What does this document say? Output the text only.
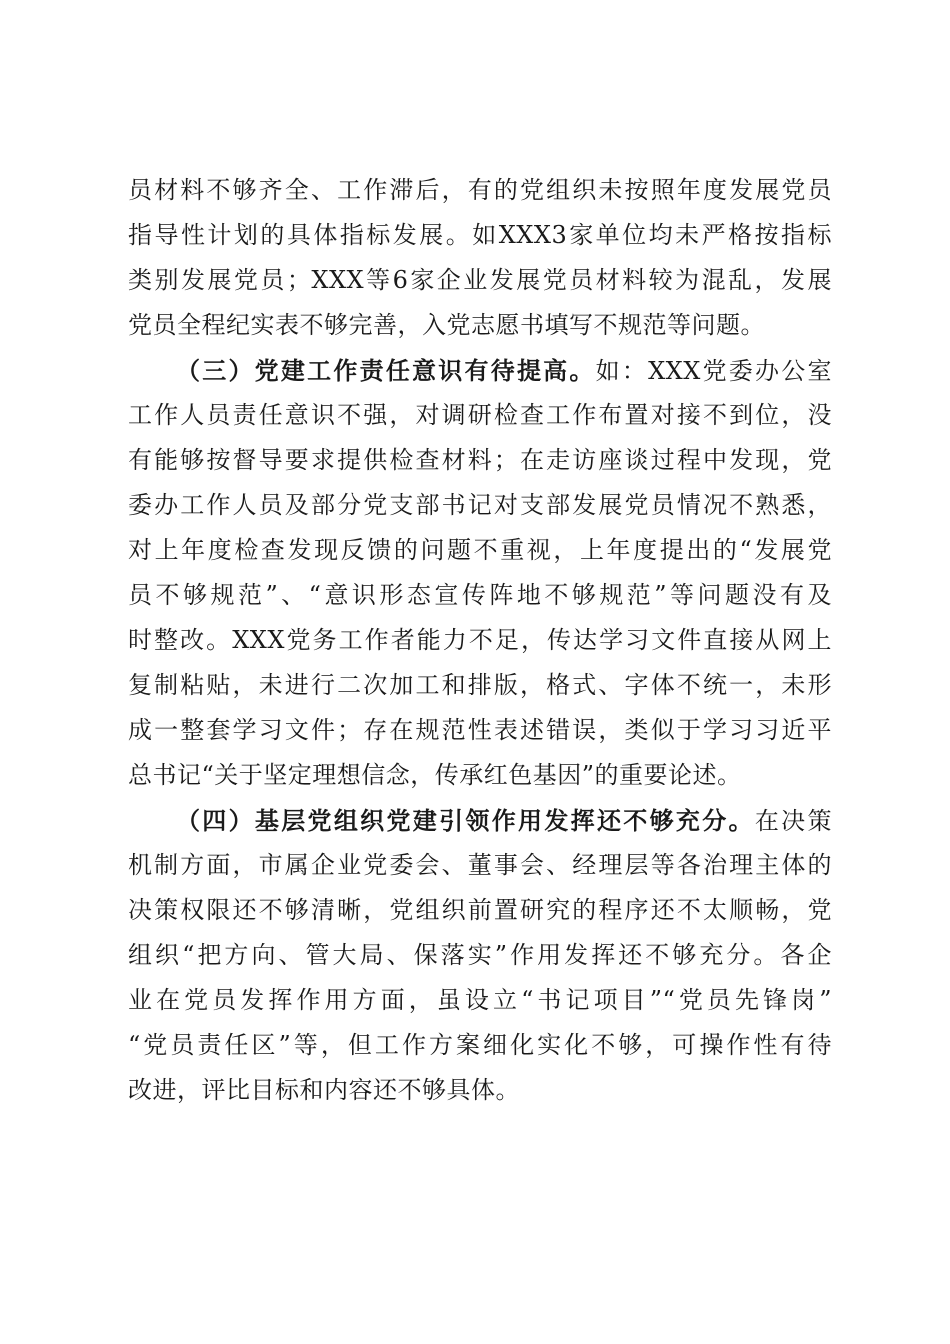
员材料不够齐全、工作滞后，有的党组织未按照年度发展党员
指导性计划的具体指标发展。如XXX3家单位均未严格按指标
类别发展党员；XXX等6家企业发展党员材料较为混乱，发展
党员全程纪实表不够完善，入党志愿书填写不规范等问题。
（三）党建工作责任意识有待提高。如：XXX党委办公室
工作人员责任意识不强，对调研检查工作布置对接不到位，没
有能够按督导要求提供检查材料；在走访座谈过程中发现，党
委办工作人员及部分党支部书记对支部发展党员情况不熟悉，
对上年度检查发现反馈的问题不重视，上年度提出的“发展党
员不够规范”、“意识形态宣传阵地不够规范”等问题没有及
时整改。XXX党务工作者能力不足，传达学习文件直接从网上
复制粘贴，未进行二次加工和排版，格式、字体不统一，未形
成一整套学习文件；存在规范性表述错误，类似于学习习近平
总书记“关于坚定理想信念，传承红色基因”的重要论述。
（四）基层党组织党建引领作用发挥还不够充分。在决策
机制方面，市属企业党委会、董事会、经理层等各治理主体的
决策权限还不够清晰，党组织前置研究的程序还不太顺畅，党
组织“把方向、管大局、保落实”作用发挥还不够充分。各企
业在党员发挥作用方面，虽设立“书记项目”“党员先锋岗”
“党员责任区”等，但工作方案细化实化不够，可操作性有待
改进，评比目标和内容还不够具体。
